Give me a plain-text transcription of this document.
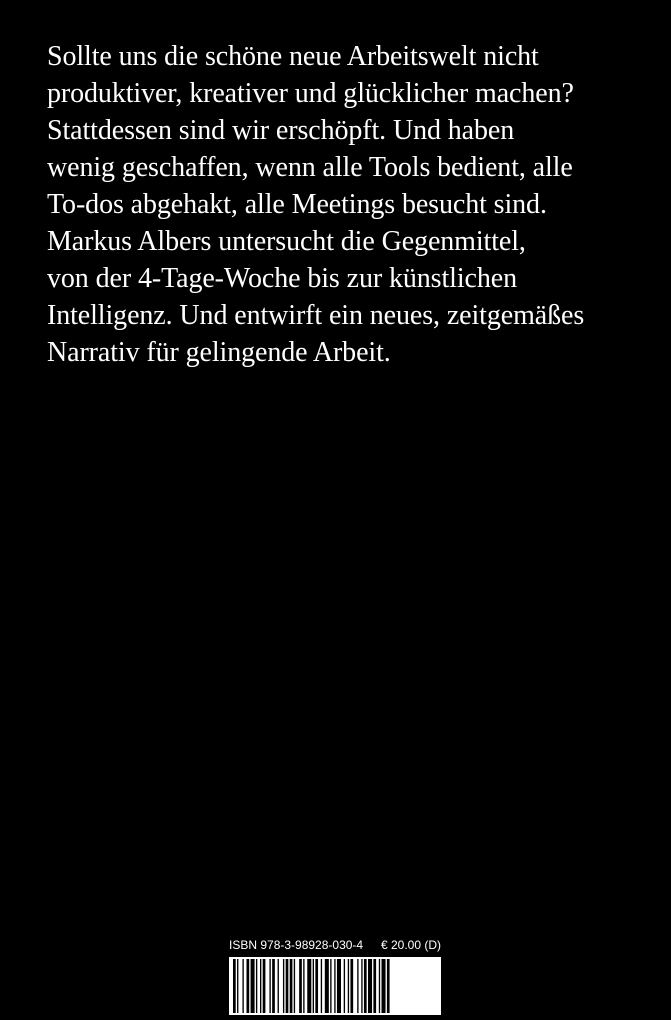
Sollte uns die schöne neue Arbeitswelt nicht
produktiver, kreativer und glücklicher machen?
Stattdessen sind wir erschöpft. Und haben
wenig geschaffen, wenn alle Tools bedient, alle
To-dos abgehakt, alle Meetings besucht sind.
Markus Albers untersucht die Gegenmittel,
von der 4-Tage-Woche bis zur künstlichen
Intelligenz. Und entwirft ein neues, zeitgemäßes
Narrativ für gelingende Arbeit.

ISBN 978-3-98928-030-4 € 20.00 (D)
